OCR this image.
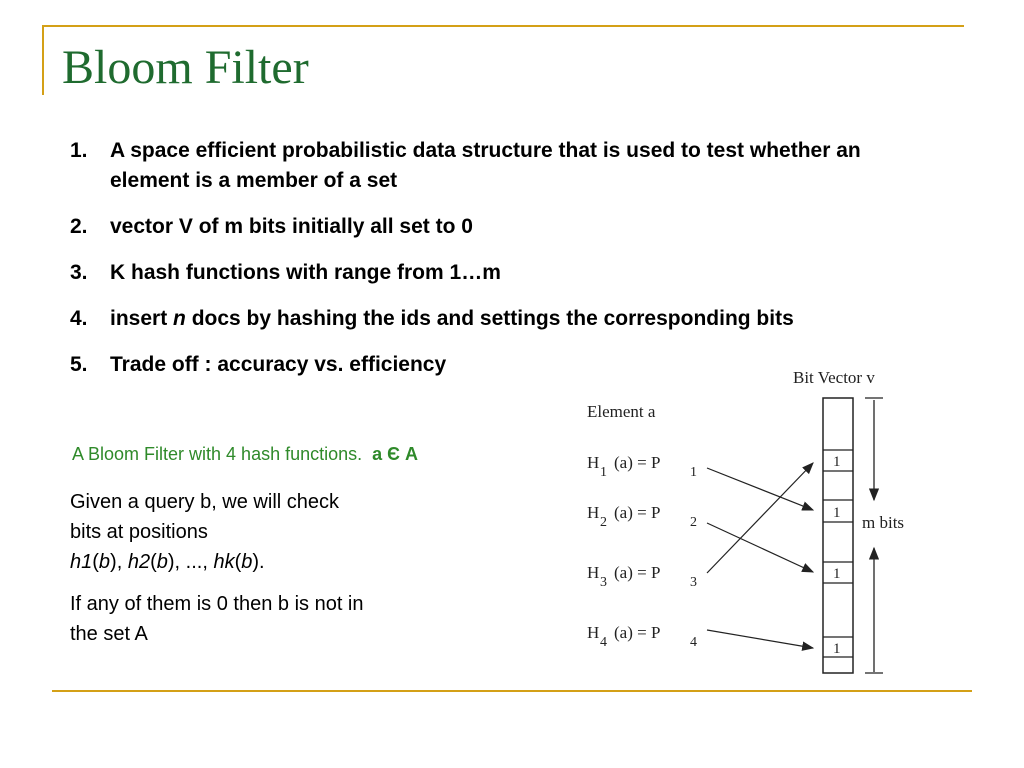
Bloom Filter
1. A space efficient probabilistic data structure that is used to test whether an element is a member of a set
2. vector V of m bits initially all set to 0
3. K hash functions with range from 1…m
4. insert n docs by hashing the ids and settings the corresponding bits
5. Trade off : accuracy vs. efficiency
A Bloom Filter with 4 hash functions. a Є A

Given a query b, we will check bits at positions
h1(b), h2(b), ..., hk(b).

If any of them is 0 then b is not in the set A

Bit Vector v
Element a
1
1
1
1
m bits
H
1
(a) = P
1
H
2
(a) = P
2
H
3
(a) = P
3
H
4
(a) = P
4
